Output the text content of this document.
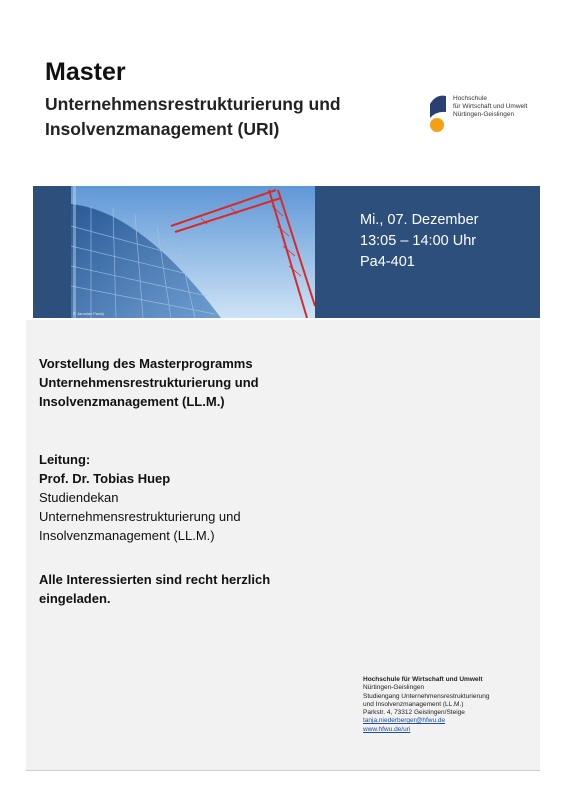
Master
Unternehmensrestrukturierung und
Insolvenzmanagement (URI)
Hochschule
für Wirtschaft und Umwelt
Nürtingen-Geislingen
© Jaroslav Pachý
Mi., 07. Dezember
13:05 – 14:00 Uhr
Pa4-401
Vorstellung des Masterprogramms
Unternehmensrestrukturierung und
Insolvenzmanagement (LL.M.)
Leitung:
Prof. Dr. Tobias Huep
Studiendekan
Unternehmensrestrukturierung und
Insolvenzmanagement (LL.M.)
Alle Interessierten sind recht herzlich
eingeladen.
Hochschule für Wirtschaft und Umwelt
Nürtingen-Geislingen
Studiengang Unternehmensrestrukturierung
und Insolvenzmanagement (LL.M.)
Parkstr. 4, 73312 Geislingen/Steige
tanja.niederberger@hfwu.de
www.hfwu.de/uri
